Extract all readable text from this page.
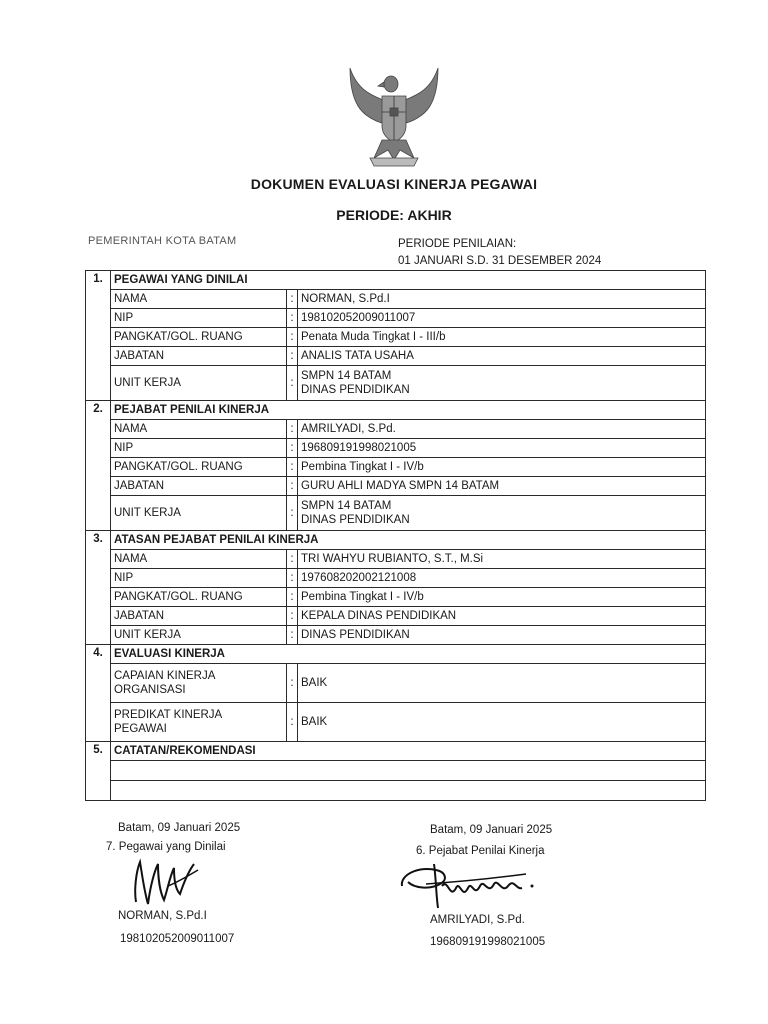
DOKUMEN EVALUASI KINERJA PEGAWAI
PERIODE: AKHIR
PEMERINTAH KOTA BATAM	PERIODE PENILAIAN:
01 JANUARI S.D. 31 DESEMBER 2024
1.	PEGAWAI YANG DINILAI		
	NAMA	:	NORMAN, S.Pd.I
	NIP	:	198102052009011007
	PANGKAT/GOL. RUANG	:	Penata Muda Tingkat I - III/b
	JABATAN	:	ANALIS TATA USAHA
	UNIT KERJA	:	SMPN 14 BATAM
DINAS PENDIDIKAN

2.	PEJABAT PENILAI KINERJA		
	NAMA	:	AMRILYADI, S.Pd.
	NIP	:	196809191998021005
	PANGKAT/GOL. RUANG	:	Pembina Tingkat I - IV/b
	JABATAN	:	GURU AHLI MADYA SMPN 14 BATAM
	UNIT KERJA	:	SMPN 14 BATAM
DINAS PENDIDIKAN

3.	ATASAN PEJABAT PENILAI KINERJA		
	NAMA	:	TRI WAHYU RUBIANTO, S.T., M.Si
	NIP	:	197608202002121008
	PANGKAT/GOL. RUANG	:	Pembina Tingkat I - IV/b
	JABATAN	:	KEPALA DINAS PENDIDIKAN
	UNIT KERJA	:	DINAS PENDIDIKAN
4.	EVALUASI KINERJA		

	CAPAIAN KINERJA
ORGANISASI	:	BAIK

	PREDIKAT KINERJA
PEGAWAI	:	BAIK
5.	CATATAN/REKOMENDASI		

Batam, 09 Januari 2025
7. Pegawai yang Dinilai
NORMAN, S.Pd.I
198102052009011007
Batam, 09 Januari 2025
6. Pejabat Penilai Kinerja
AMRILYADI, S.Pd.
196809191998021005
